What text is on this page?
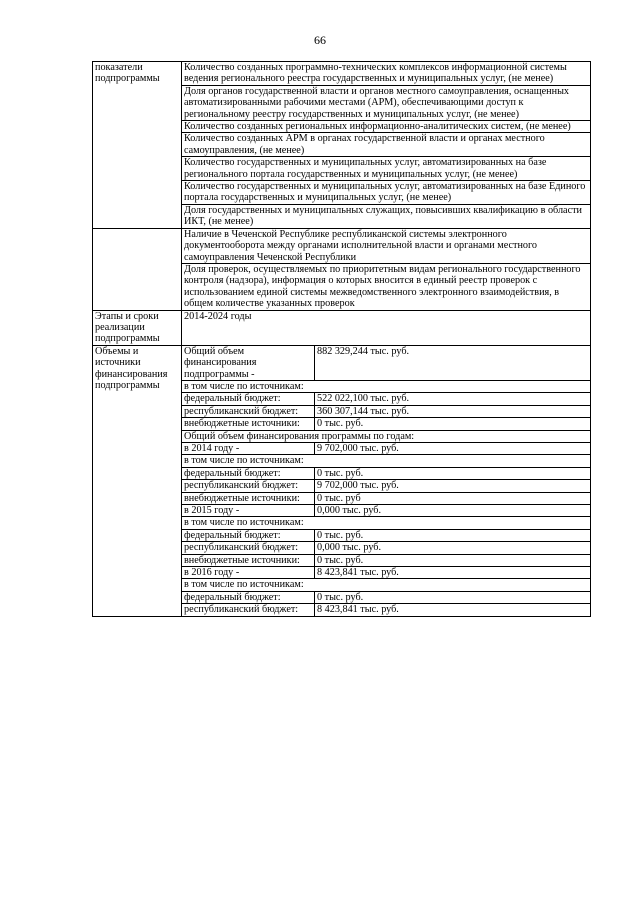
66
показатели подпрограммы	Количество созданных программно-технических комплексов информационной системы ведения регионального реестра государственных и муниципальных услуг, (не менее)	
	Доля органов государственной власти и органов местного самоуправления, оснащенных автоматизированными рабочими местами (АРМ), обеспечивающими доступ к региональному реестру государственных и муниципальных услуг, (не менее)	
	Количество созданных региональных информационно-аналитических систем, (не менее)	
	Количество созданных АРМ в органах государственной власти и органах местного самоуправления, (не менее)	
	Количество государственных и муниципальных услуг, автоматизированных на базе регионального портала государственных и муниципальных услуг, (не менее)	
	Количество государственных и муниципальных услуг, автоматизированных на базе Единого портала государственных и муниципальных услуг, (не менее)	
	Доля государственных и муниципальных служащих, повысивших квалификацию в области ИКТ, (не менее)	
	Наличие в Чеченской Республике республиканской системы электронного документооборота между органами исполнительной власти и органами местного самоуправления Чеченской Республики	
	Доля проверок, осуществляемых по приоритетным видам регионального государственного контроля (надзора), информация о которых вносится в единый реестр проверок с использованием единой системы межведомственного электронного взаимодействия, в общем количестве указанных проверок	
Этапы и сроки реализации подпрограммы	2014-2024 годы	
Объемы и источники финансирования подпрограммы	Общий объем финансирования подпрограммы -	882 329,244 тыс. руб.
	в том числе по источникам:	
	федеральный бюджет:	522 022,100 тыс. руб.
	республиканский бюджет:	360 307,144 тыс. руб.
	внебюджетные источники:	0 тыс. руб.
	Общий объем финансирования программы по годам:	
	в 2014 году -	9 702,000 тыс. руб.
	в том числе по источникам:	
	федеральный бюджет:	0 тыс. руб.
	республиканский бюджет:	9 702,000 тыс. руб.
	внебюджетные источники:	0 тыс. руб
	в 2015 году -	0,000 тыс. руб.
	в том числе по источникам:	
	федеральный бюджет:	0 тыс. руб.
	республиканский бюджет:	0,000 тыс. руб.
	внебюджетные источники:	0 тыс. руб.
	в 2016 году -	8 423,841 тыс. руб.
	в том числе по источникам:	
	федеральный бюджет:	0 тыс. руб.
	республиканский бюджет:	8 423,841 тыс. руб.
